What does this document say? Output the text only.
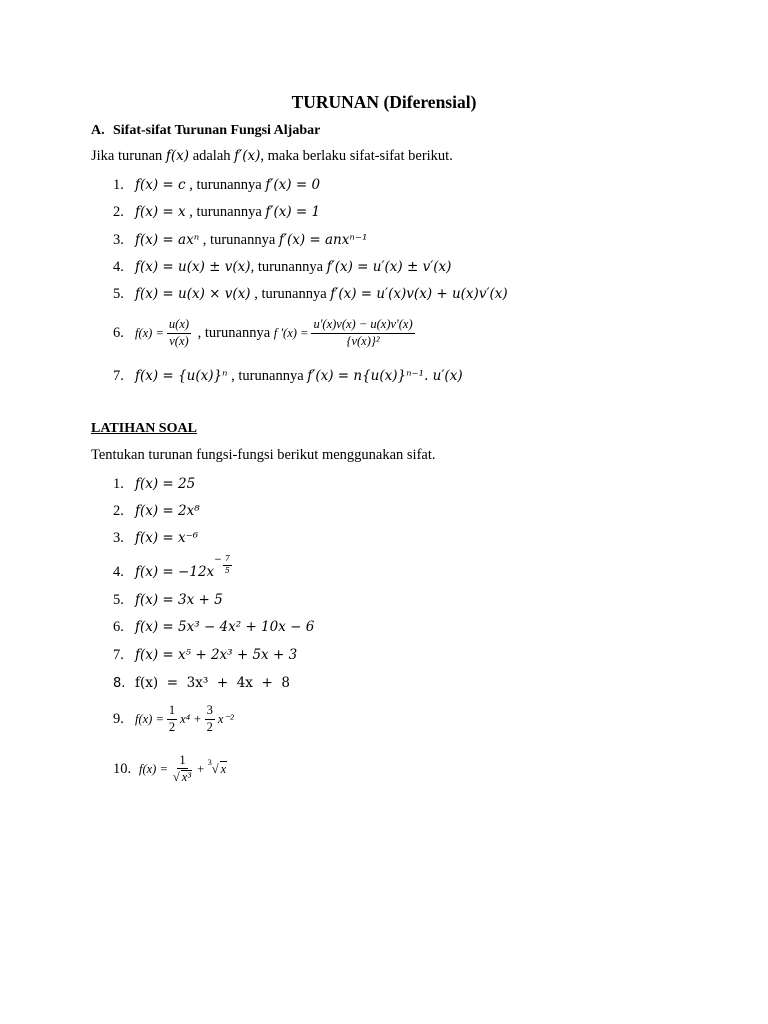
TURUNAN (Diferensial)
A. Sifat-sifat Turunan Fungsi Aljabar
Jika turunan f(x) adalah f′(x), maka berlaku sifat-sifat berikut.
1. f(x) = c , turunannya
f′(x) = 0
2. f(x) = x , turunannya
f′(x) = 1
3. f(x) = axⁿ , turunannya
f′(x) = anxⁿ⁻¹
4. f(x) = u(x) ± v(x) , turunannya
f′(x) = u′(x) ± v′(x)
5. f(x) = u(x) × v(x) , turunannya
f′(x) = u′(x)v(x) + u(x)v′(x)
6. $f(x) = \frac{u(x)}{v(x)}$ , turunannya
f '$(x) = \frac{u'(x)v(x) - u(x)v'(x)}{\text{\{v(x)\}²}}$
7. f(x) = {u(x)}ⁿ , turunannya
f′(x) = n{u(x)}ⁿ⁻¹. u′(x)
LATIHAN SOAL
Tentukan turunan fungsi-fungsi berikut menggunakan sifat.
1. f(x) = 25
2. f(x) = 2x⁸
3. f(x) = x⁻⁶
4. f(x) = −12x
− $\frac{7}{5}$
5. f(x) = 3x + 5
6. f(x) = 5x³ − 4x² + 10x − 6
7. f(x) = x⁵ + 2x³ + 5x + 3
8. f(x)  =  3x³  +  4x  +  8
9. $f(x) = \frac{1}{2} x^4 + \frac{3}{2} x^{-2}$
10. $f(x) = \frac{1}{\text{√ x³}}$ +
3 √ x
